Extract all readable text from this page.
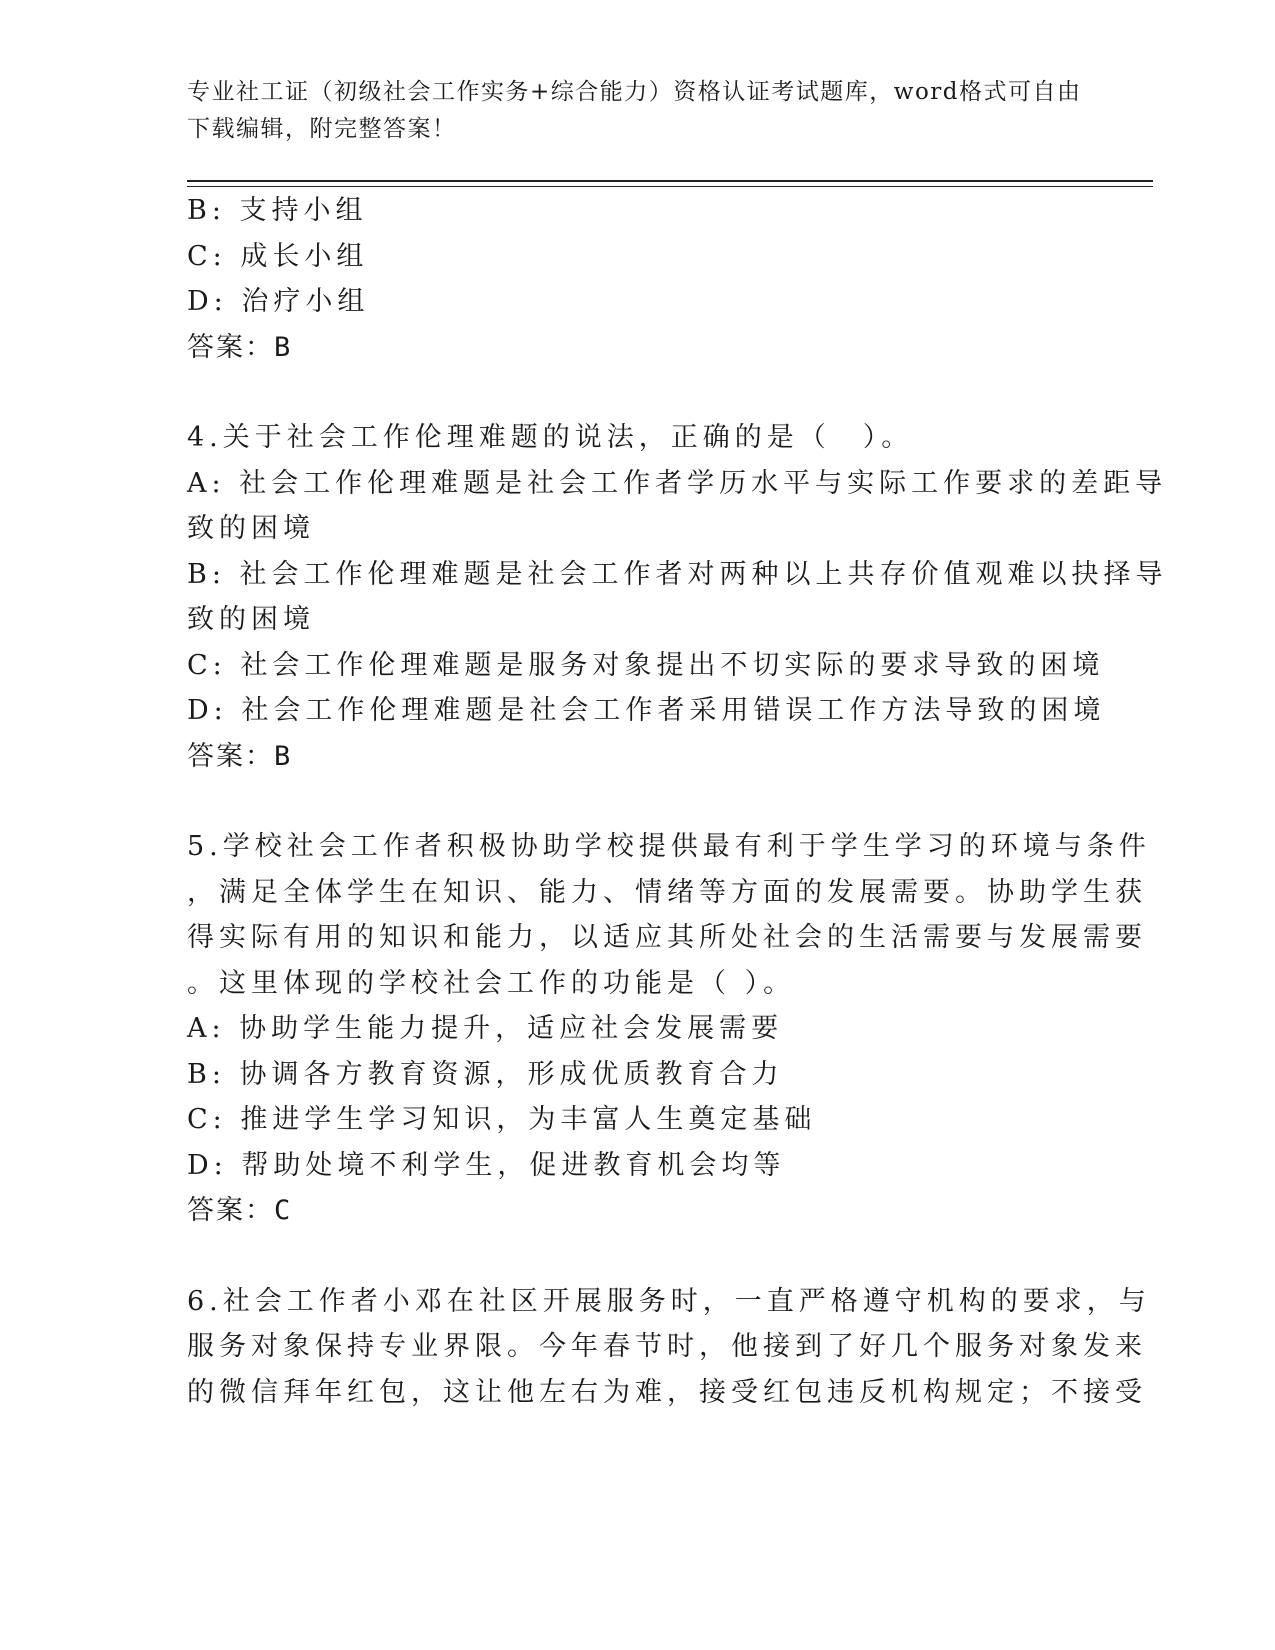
专业社工证（初级社会工作实务+综合能力）资格认证考试题库，word格式可自由
下载编辑，附完整答案！
B: 支持小组
C: 成长小组
D: 治疗小组
答案：B
4.关于社会工作伦理难题的说法，正确的是（　）。
A: 社会工作伦理难题是社会工作者学历水平与实际工作要求的差距导
致的困境
B: 社会工作伦理难题是社会工作者对两种以上共存价值观难以抉择导
致的困境
C: 社会工作伦理难题是服务对象提出不切实际的要求导致的困境
D: 社会工作伦理难题是社会工作者采用错误工作方法导致的困境
答案：B
5.学校社会工作者积极协助学校提供最有利于学生学习的环境与条件
，满足全体学生在知识、能力、情绪等方面的发展需要。协助学生获
得实际有用的知识和能力，以适应其所处社会的生活需要与发展需要
。这里体现的学校社会工作的功能是（ ）。
A: 协助学生能力提升，适应社会发展需要
B: 协调各方教育资源，形成优质教育合力
C: 推进学生学习知识，为丰富人生奠定基础
D: 帮助处境不利学生，促进教育机会均等
答案：C
6.社会工作者小邓在社区开展服务时，一直严格遵守机构的要求，与
服务对象保持专业界限。今年春节时，他接到了好几个服务对象发来
的微信拜年红包，这让他左右为难，接受红包违反机构规定；不接受
